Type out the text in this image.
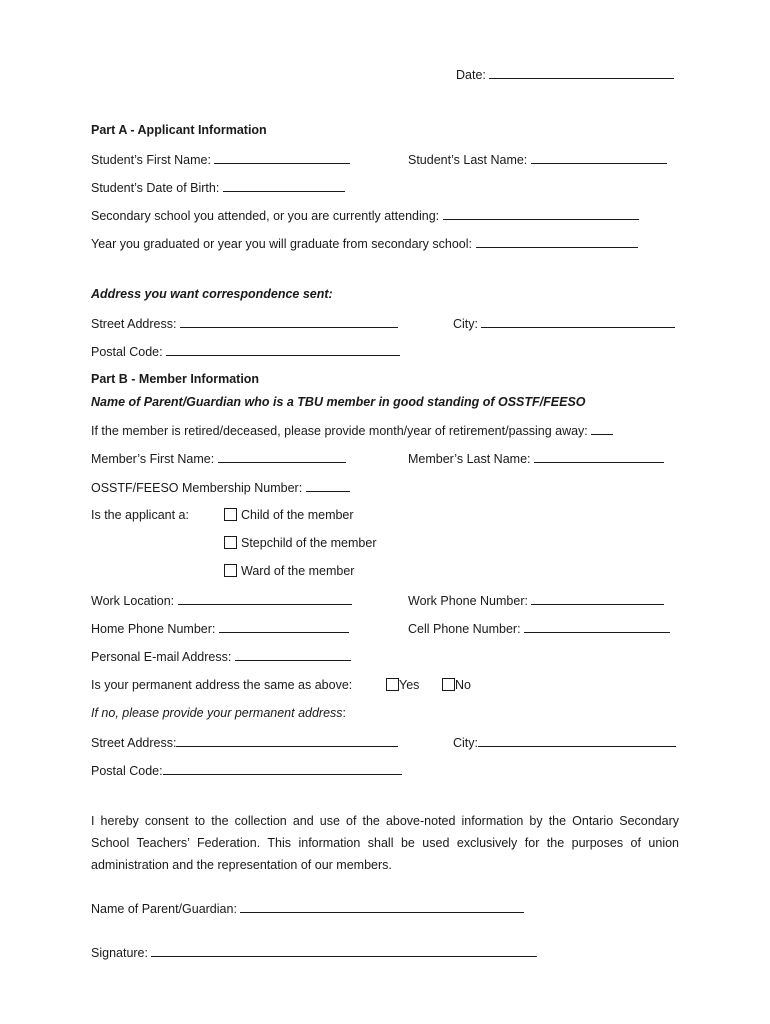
Date:
Part A - Applicant Information
Student’s First Name:	Student’s Last Name:
Student’s Date of Birth:
Secondary school you attended, or you are currently attending:
Year you graduated or year you will graduate from secondary school:
Address you want correspondence sent:
Street Address:	City:
Postal Code:
Part B - Member Information
Name of Parent/Guardian who is a TBU member in good standing of OSSTF/FEESO
If the member is retired/deceased, please provide month/year of retirement/passing away:
Member’s First Name:	Member’s Last Name:
OSSTF/FEESO Membership Number:
Is the applicant a:	Child of the member
Stepchild of the member
Ward of the member
Work Location:	Work Phone Number:
Home Phone Number:	Cell Phone Number:
Personal E-mail Address:
Is your permanent address the same as above:	Yes	No
If no, please provide your permanent address:
Street Address:	City:
Postal Code:
I hereby consent to the collection and use of the above-noted information by the Ontario Secondary School Teachers’ Federation. This information shall be used exclusively for the purposes of union administration and the representation of our members.
Name of Parent/Guardian:
Signature:
